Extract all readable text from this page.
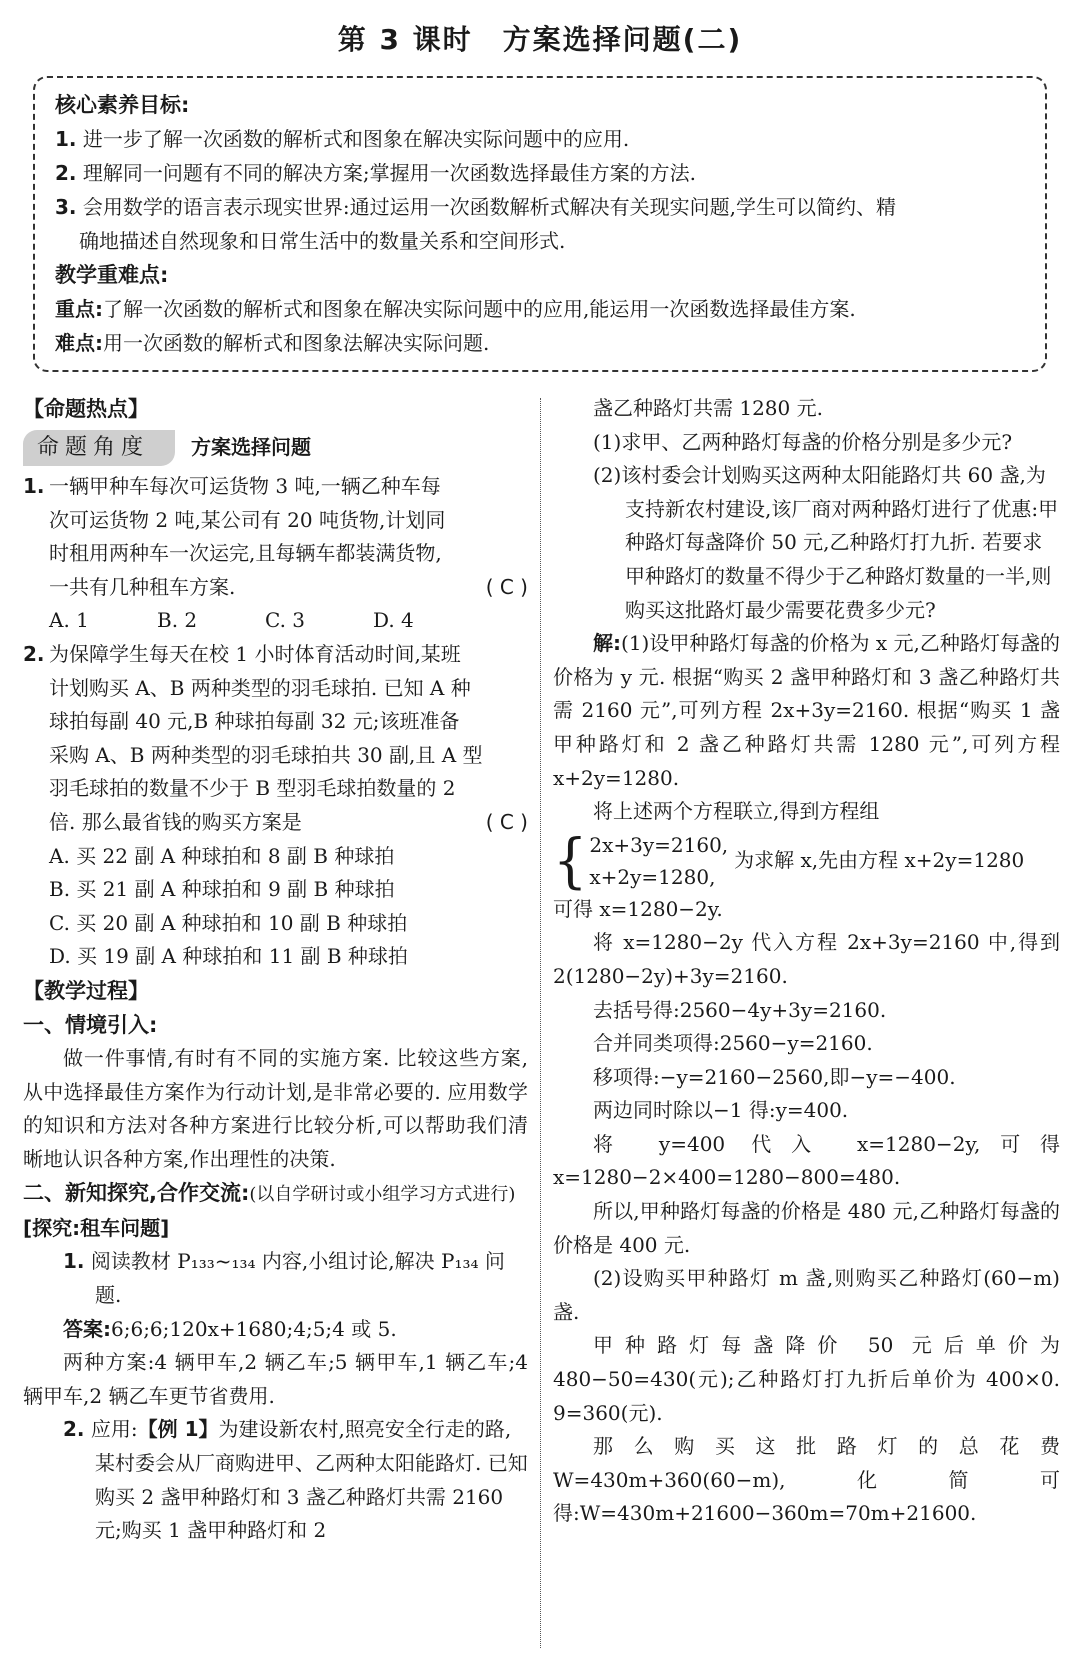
第 3 课时　方案选择问题(二)
核心素养目标:
1. 进一步了解一次函数的解析式和图象在解决实际问题中的应用.
2. 理解同一问题有不同的解决方案;掌握用一次函数选择最佳方案的方法.
3. 会用数学的语言表示现实世界:通过运用一次函数解析式解决有关现实问题,学生可以简约、精
确地描述自然现象和日常生活中的数量关系和空间形式.
教学重难点:
重点:了解一次函数的解析式和图象在解决实际问题中的应用,能运用一次函数选择最佳方案.
难点:用一次函数的解析式和图象法解决实际问题.
【命题热点】
命题角度	方案选择问题
1. 一辆甲种车每次可运货物 3 吨,一辆乙种车每
次可运货物 2 吨,某公司有 20 吨货物,计划同
时租用两种车一次运完,且每辆车都装满货物,
一共有几种租车方案.	( C )
A. 1	B. 2	C. 3	D. 4
2. 为保障学生每天在校 1 小时体育活动时间,某班
计划购买 A、B 两种类型的羽毛球拍. 已知 A 种
球拍每副 40 元,B 种球拍每副 32 元;该班准备
采购 A、B 两种类型的羽毛球拍共 30 副,且 A 型
羽毛球拍的数量不少于 B 型羽毛球拍数量的 2
倍. 那么最省钱的购买方案是	( C )
A. 买 22 副 A 种球拍和 8 副 B 种球拍
B. 买 21 副 A 种球拍和 9 副 B 种球拍
C. 买 20 副 A 种球拍和 10 副 B 种球拍
D. 买 19 副 A 种球拍和 11 副 B 种球拍
【教学过程】
一、情境引入:
做一件事情,有时有不同的实施方案. 比较这些方案,从中选择最佳方案作为行动计划,是非常必要的. 应用数学的知识和方法对各种方案进行比较分析,可以帮助我们清晰地认识各种方案,作出理性的决策.
二、新知探究,合作交流:(以自学研讨或小组学习方式进行)
[探究:租车问题]
1. 阅读教材 P₁₃₃~₁₃₄ 内容,小组讨论,解决 P₁₃₄ 问题.
答案:6;6;6;120x+1680;4;5;4 或 5.
两种方案:4 辆甲车,2 辆乙车;5 辆甲车,1 辆乙车;4 辆甲车,2 辆乙车更节省费用.
2. 应用:【例 1】为建设新农村,照亮安全行走的路,某村委会从厂商购进甲、乙两种太阳能路灯. 已知购买 2 盏甲种路灯和 3 盏乙种路灯共需 2160 元;购买 1 盏甲种路灯和 2
盏乙种路灯共需 1280 元.
(1)求甲、乙两种路灯每盏的价格分别是多少元?
(2)该村委会计划购买这两种太阳能路灯共 60 盏,为支持新农村建设,该厂商对两种路灯进行了优惠:甲种路灯每盏降价 50 元,乙种路灯打九折. 若要求甲种路灯的数量不得少于乙种路灯数量的一半,则购买这批路灯最少需要花费多少元?
解:(1)设甲种路灯每盏的价格为 x 元,乙种路灯每盏的价格为 y 元. 根据“购买 2 盏甲种路灯和 3 盏乙种路灯共需 2160 元”,可列方程 2x+3y=2160. 根据“购买 1 盏甲种路灯和 2 盏乙种路灯共需 1280 元”,可列方程 x+2y=1280.
将上述两个方程联立,得到方程组
{ 2x+3y=2160,
x+2y=1280,
为求解 x,先由方程 x+2y=1280
可得 x=1280−2y.
将 x=1280−2y 代入方程 2x+3y=2160 中,得到 2(1280−2y)+3y=2160.
去括号得:2560−4y+3y=2160.
合并同类项得:2560−y=2160.
移项得:−y=2160−2560,即−y=−400.
两边同时除以−1 得:y=400.
将 y=400 代入 x=1280−2y,可得 x=1280−2×400=1280−800=480.
所以,甲种路灯每盏的价格是 480 元,乙种路灯每盏的价格是 400 元.
(2)设购买甲种路灯 m 盏,则购买乙种路灯(60−m)盏.
甲种路灯每盏降价 50 元后单价为 480−50=430(元);乙种路灯打九折后单价为 400×0. 9=360(元).
那么购买这批路灯的总花费 W=430m+360(60−m),化简可得:W=430m+21600−360m=70m+21600.
73
